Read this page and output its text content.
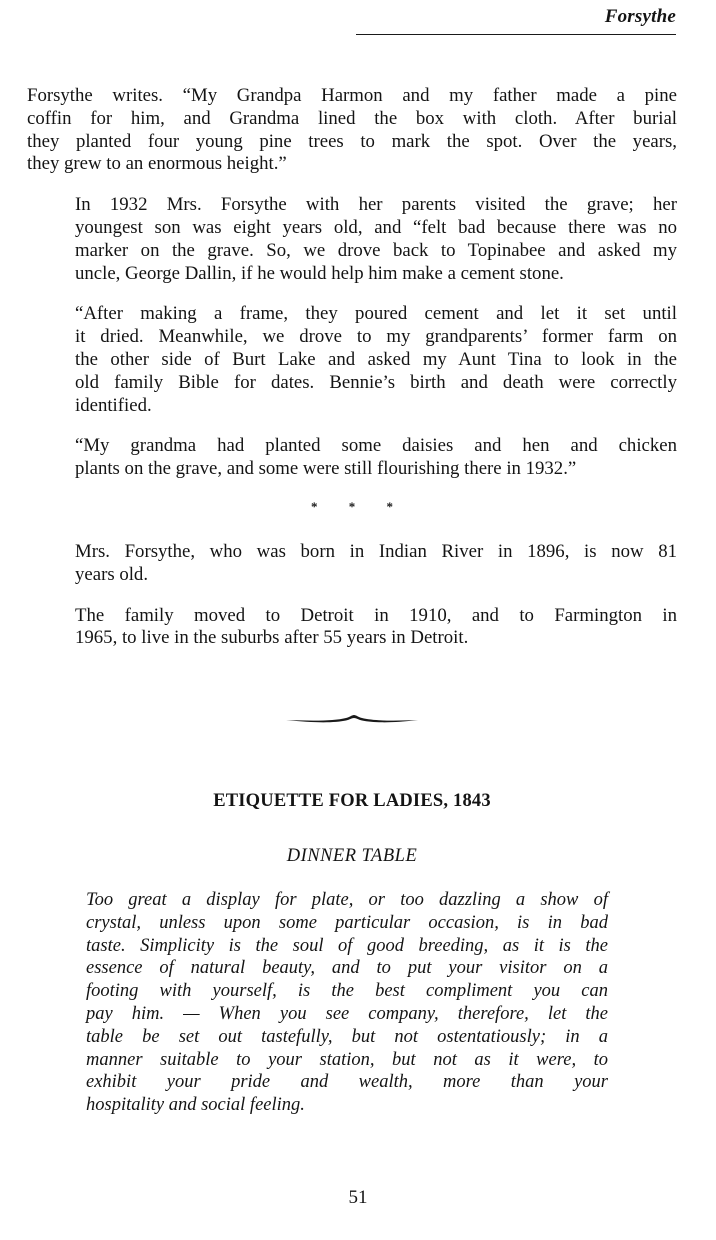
Forsythe

Forsythe writes. “My Grandpa Harmon and my father made a pine
coffin for him, and Grandma lined the box with cloth. After burial
they planted four young pine trees to mark the spot. Over the years,
they grew to an enormous height.”

In 1932 Mrs. Forsythe with her parents visited the grave; her
youngest son was eight years old, and “felt bad because there was no
marker on the grave. So, we drove back to Topinabee and asked my
uncle, George Dallin, if he would help him make a cement stone.

“After making a frame, they poured cement and let it set until
it dried. Meanwhile, we drove to my grandparents’ former farm on
the other side of Burt Lake and asked my Aunt Tina to look in the
old family Bible for dates. Bennie’s birth and death were correctly
identified.

“My grandma had planted some daisies and hen and chicken
plants on the grave, and some were still flourishing there in 1932.”

* * *

Mrs. Forsythe, who was born in Indian River in 1896, is now 81
years old.

The family moved to Detroit in 1910, and to Farmington in
1965, to live in the suburbs after 55 years in Detroit.

ETIQUETTE FOR LADIES, 1843
DINNER TABLE
Too great a display for plate, or too dazzling a show of
crystal, unless upon some particular occasion, is in bad
taste. Simplicity is the soul of good breeding, as it is the
essence of natural beauty, and to put your visitor on a
footing with yourself, is the best compliment you can
pay him. — When you see company, therefore, let the
table be set out tastefully, but not ostentatiously; in a
manner suitable to your station, but not as it were, to
exhibit your pride and wealth, more than your
hospitality and social feeling.
51
